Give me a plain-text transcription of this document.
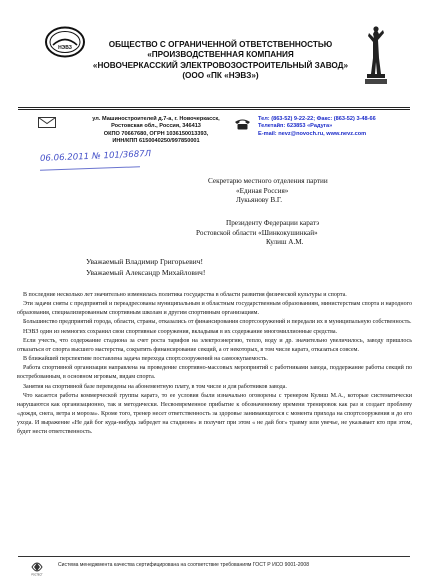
НЭВЗ	ОБЩЕСТВО С ОГРАНИЧЕННОЙ ОТВЕТСТВЕННОСТЬЮ
«ПРОИЗВОДСТВЕННАЯ КОМПАНИЯ
«НОВОЧЕРКАССКИЙ ЭЛЕКТРОВОЗОСТРОИТЕЛЬНЫЙ ЗАВОД»
(ООО «ПК «НЭВЗ»)
ул. Машиностроителей д.7-а, г. Новочеркасск,
Ростовская обл., Россия, 346413
ОКПО 70667680, ОГРН 1036150013393,
ИНН/КПП 6150040250/997850001
Тел: (863-52) 9-22-22; Факс: (863-52) 3-48-66
Телетайп: 623853 «Радуга»
E-mail: nevz@novoch.ru, www.nevz.com
06.06.2011 № 101/3687Л
Секретарю местного отделения партии
«Единая Россия»
Лукьянову В.Г.
Президенту Федерации каратэ
Ростовской области «Шинкокушинкай»
Кулиш А.М.
Уважаемый Владимир Григорьевич!
Уважаемый Александр Михайлович!

В последние несколько лет значительно изменилась политика государства в области развития физической культуры и спорта.

Эти задачи сняты с предприятий и переадресованы муниципальным и областным государственным образованиям, министерствам спорта и народного образования, специализированным спортивным школам и другим спортивным организациям.

Большинство предприятий города, области, страны, отказались от финансирования спортсооружений и передали их в муниципальную собственность.

НЭВЗ один из немногих сохранил свои спортивные сооружения, вкладывая в их содержание многомиллионные средства.

Если учесть, что содержание стадиона за счет роста тарифов на электроэнергию, тепло, воду и др. значительно увеличилось, заводу пришлось отказаться от спорта высшего мастерства, сократить финансирование секций, а от некоторых, в том числе каратэ, отказаться совсем.

В ближайшей перспективе поставлена задача перехода спорт.сооружений на самоокупаемость.

Работа спортивной организации направлена на проведение спортивно-массовых мероприятий с работниками завода, поддержание работы секций по востребованным, в основном игровым, видам спорта.

Занятия на спортивной базе переведены на абонементную плату, в том числе и для работников завода.

Что касается работы коммерческой группы каратэ, то ее условия были изначально оговорены с тренером Кулиш М.А., которые систематически нарушаются как организационно, так и методически. Несвоевременное прибытие к обозначенному времени тренировок как раз и создает проблему «дождя, снега, ветра и мороза». Кроме того, тренер несет ответственность за здоровье занимающегося с момента прихода на спортсооружения и до его ухода. И выражение «Не дай бог куда-нибудь забредет на стадионе» и получит при этом « не дай бог» травму или увечье, не указывает кто при этом, будет нести ответственность.

РОСТЕСТ
Система менеджмента качества сертифицирована на соответствие требованиям ГОСТ Р ИСО 9001-2008
